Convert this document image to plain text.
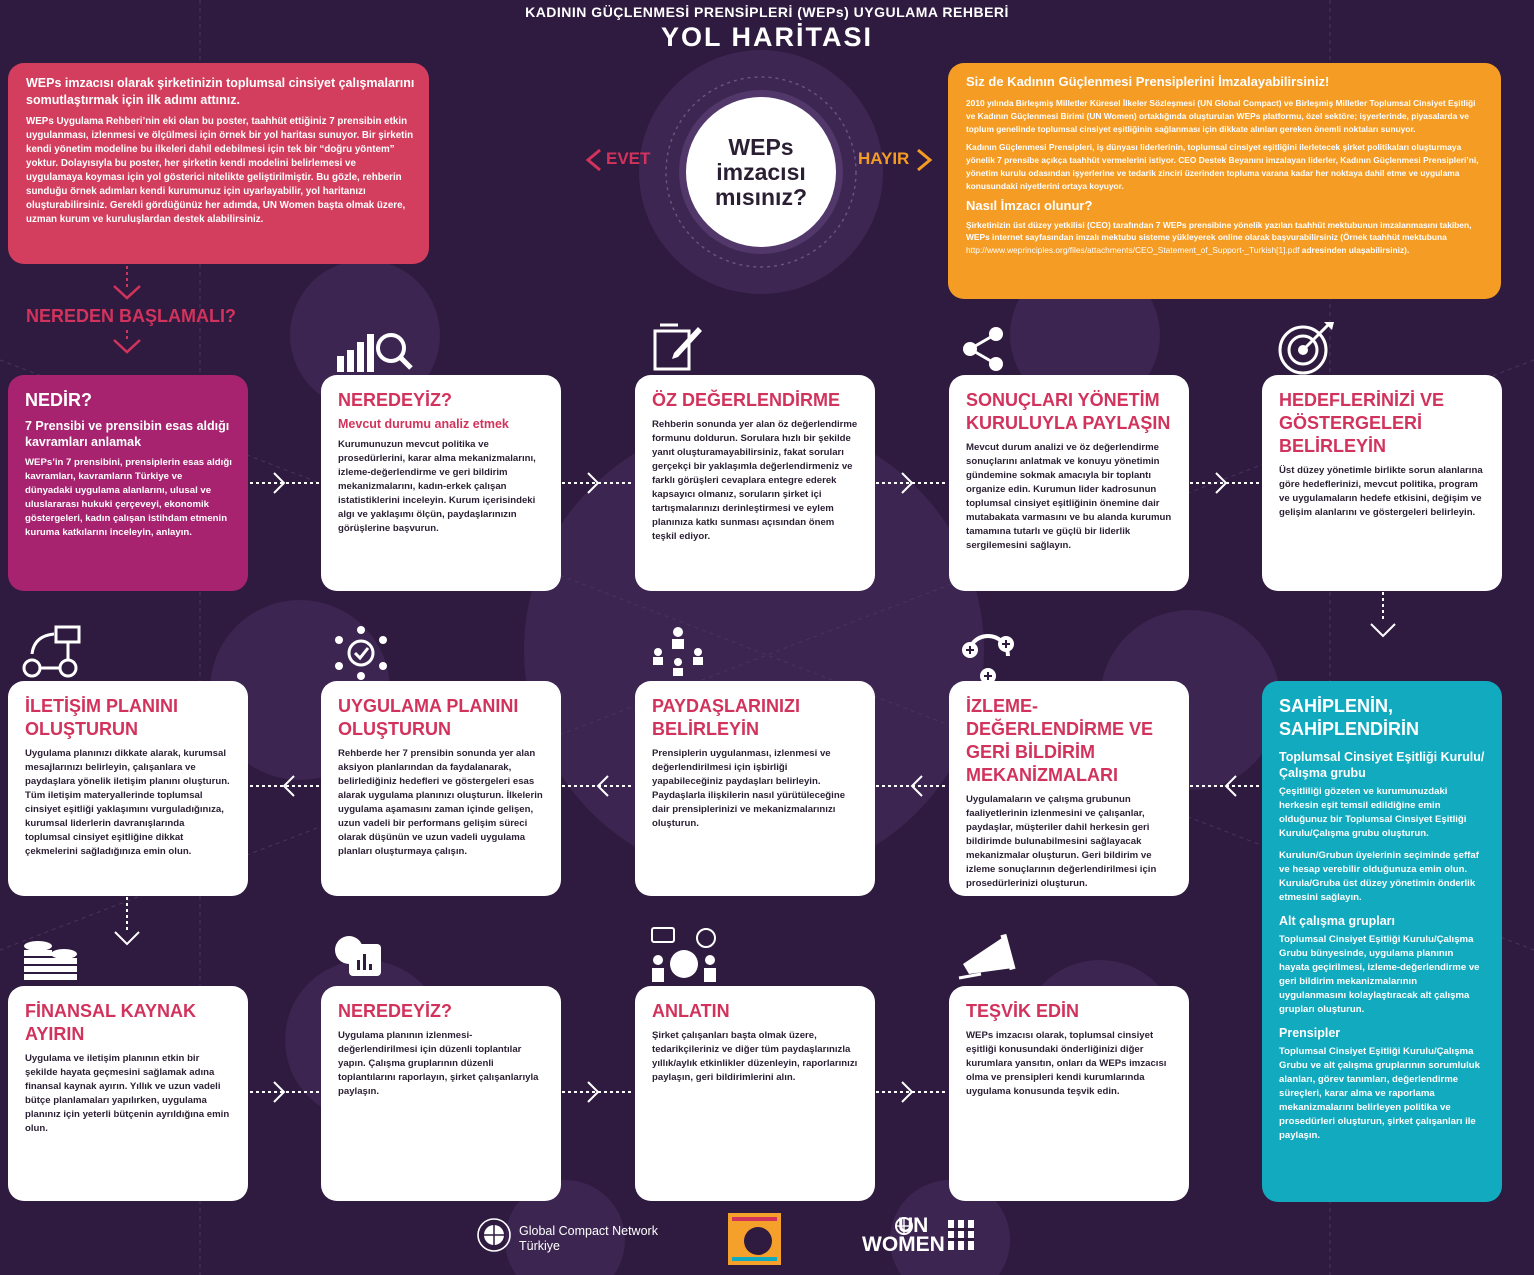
KADININ GÜÇLENMESİ PRENSİPLERİ (WEPs) UYGULAMA REHBERİ
YOL HARİTASI

WEPs imzacısı olarak şirketinizin toplumsal cinsiyet çalışmalarını somutlaştırmak için ilk adımı attınız.

WEPs Uygulama Rehberi’nin eki olan bu poster, taahhüt ettiğiniz 7 prensibin etkin uygulanması, izlenmesi ve ölçülmesi için örnek bir yol haritası sunuyor. Bir şirketin kendi yönetim modeline bu ilkeleri dahil edebilmesi için tek bir “doğru yöntem” yoktur. Dolayısıyla bu poster, her şirketin kendi modelini belirlemesi ve uygulamaya koyması için yol gösterici nitelikte geliştirilmiştir. Bu gözle, rehberin sunduğu örnek adımları kendi kurumunuz için uyarlayabilir, yol haritanızı oluşturabilirsiniz. Gerekli gördüğünüz her adımda, UN Women başta olmak üzere, uzman kurum ve kuruluşlardan destek alabilirsiniz.

Siz de Kadının Güçlenmesi Prensiplerini İmzalayabilirsiniz!

2010 yılında Birleşmiş Milletler Küresel İlkeler Sözleşmesi (UN Global Compact) ve Birleşmiş Milletler Toplumsal Cinsiyet Eşitliği ve Kadının Güçlenmesi Birimi (UN Women) ortaklığında oluşturulan WEPs platformu, özel sektöre; işyerlerinde, piyasalarda ve toplum genelinde toplumsal cinsiyet eşitliğinin sağlanması için dikkate alınları gereken önemli noktaları sunuyor.

Kadının Güçlenmesi Prensipleri, iş dünyası liderlerinin, toplumsal cinsiyet eşitliğini ilerletecek şirket politikaları oluşturmaya yönelik 7 prensibe açıkça taahhüt vermelerini istiyor. CEO Destek Beyanını imzalayan liderler, Kadının Güçlenmesi Prensipleri’ni, yönetim kurulu odasından işyerlerine ve tedarik zinciri üzerinden topluma varana kadar her noktaya dahil etme ve uygulama konusundaki niyetlerini ortaya koyuyor.

Nasıl İmzacı olunur?

Şirketinizin üst düzey yetkilisi (CEO) tarafından 7 WEPs prensibine yönelik yazılan taahhüt mektubunun imzalanmasını takiben, WEPs internet sayfasından imzalı mektubu sisteme yükleyerek online olarak başvurabilirsiniz (Örnek taahhüt mektubuna http://www.weprinciples.org/files/attachments/CEO_Statement_of_Support-_Turkish[1].pdf adresinden ulaşabilirsiniz).

WEPs imzacısı mısınız?
EVET	HAYIR
NEREDEN BAŞLAMALI?

NEDİR?

7 Prensibi ve prensibin esas aldığı kavramları anlamak

WEPs’in 7 prensibini, prensiplerin esas aldığı kavramları, kavramların Türkiye ve dünyadaki uygulama alanlarını, ulusal ve uluslararası hukuki çerçeveyi, ekonomik göstergeleri, kadın çalışan istihdam etmenin kuruma katkılarını inceleyin, anlayın.

NEREDEYİZ?

Mevcut durumu analiz etmek

Kurumunuzun mevcut politika ve prosedürlerini, karar alma mekanizmalarını, izleme-değerlendirme ve geri bildirim mekanizmalarını, kadın-erkek çalışan istatistiklerini inceleyin. Kurum içerisindeki algı ve yaklaşımı ölçün, paydaşlarınızın görüşlerine başvurun.

ÖZ DEĞERLENDİRME

Rehberin sonunda yer alan öz değerlendirme formunu doldurun. Sorulara hızlı bir şekilde yanıt oluşturamayabilirsiniz, fakat soruları gerçekçi bir yaklaşımla değerlendirmeniz ve farklı görüşleri cevaplara entegre ederek kapsayıcı olmanız, soruların şirket içi tartışmalarınızı derinleştirmesi ve eylem planınıza katkı sunması açısından önem teşkil ediyor.

SONUÇLARI YÖNETİM KURULUYLA PAYLAŞIN

Mevcut durum analizi ve öz değerlendirme sonuçlarını anlatmak ve konuyu yönetimin gündemine sokmak amacıyla bir toplantı organize edin. Kurumun lider kadrosunun toplumsal cinsiyet eşitliğinin önemine dair mutabakata varmasını ve bu alanda kurumun tamamına tutarlı ve güçlü bir liderlik sergilemesini sağlayın.

HEDEFLERİNİZİ VE GÖSTERGELERİ BELİRLEYİN

Üst düzey yönetimle birlikte sorun alanlarına göre hedeflerinizi, mevcut politika, program ve uygulamaların hedefe etkisini, değişim ve gelişim alanlarını ve göstergeleri belirleyin.

İLETİŞİM PLANINI OLUŞTURUN

Uygulama planınızı dikkate alarak, kurumsal mesajlarınızı belirleyin, çalışanlara ve paydaşlara yönelik iletişim planını oluşturun. Tüm iletişim materyallerinde toplumsal cinsiyet eşitliği yaklaşımını vurguladığınıza, kurumsal liderlerin davranışlarında toplumsal cinsiyet eşitliğine dikkat çekmelerini sağladığınıza emin olun.

UYGULAMA PLANINI OLUŞTURUN

Rehberde her 7 prensibin sonunda yer alan aksiyon planlarından da faydalanarak, belirlediğiniz hedefleri ve göstergeleri esas alarak uygulama planınızı oluşturun. İlkelerin uygulama aşamasını zaman içinde gelişen, uzun vadeli bir performans gelişim süreci olarak düşünün ve uzun vadeli uygulama planları oluşturmaya çalışın.

PAYDAŞLARINIZI BELİRLEYİN

Prensiplerin uygulanması, izlenmesi ve değerlendirilmesi için işbirliği yapabileceğiniz paydaşları belirleyin. Paydaşlarla ilişkilerin nasıl yürütüleceğine dair prensiplerinizi ve mekanizmalarınızı oluşturun.

İZLEME-DEĞERLENDİRME VE GERİ BİLDİRİM MEKANİZMALARI

Uygulamaların ve çalışma grubunun faaliyetlerinin izlenmesini ve çalışanlar, paydaşlar, müşteriler dahil herkesin geri bildirimde bulunabilmesini sağlayacak mekanizmalar oluşturun. Geri bildirim ve izleme sonuçlarının değerlendirilmesi için prosedürlerinizi oluşturun.

SAHİPLENİN, SAHİPLENDİRİN

Toplumsal Cinsiyet Eşitliği Kurulu/Çalışma grubu

Çeşitliliği gözeten ve kurumunuzdaki herkesin eşit temsil edildiğine emin olduğunuz bir Toplumsal Cinsiyet Eşitliği Kurulu/Çalışma grubu oluşturun.

Kurulun/Grubun üyelerinin seçiminde şeffaf ve hesap verebilir olduğunuza emin olun. Kurula/Gruba üst düzey yönetimin önderlik etmesini sağlayın.

Alt çalışma grupları

Toplumsal Cinsiyet Eşitliği Kurulu/Çalışma Grubu bünyesinde, uygulama planının hayata geçirilmesi, izleme-değerlendirme ve geri bildirim mekanizmalarının uygulanmasını kolaylaştıracak alt çalışma grupları oluşturun.

Prensipler

Toplumsal Cinsiyet Eşitliği Kurulu/Çalışma Grubu ve alt çalışma gruplarının sorumluluk alanları, görev tanımları, değerlendirme süreçleri, karar alma ve raporlama mekanizmalarını belirleyen politika ve prosedürleri oluşturun, şirket çalışanları ile paylaşın.

FİNANSAL KAYNAK AYIRIN

Uygulama ve iletişim planının etkin bir şekilde hayata geçmesini sağlamak adına finansal kaynak ayırın. Yıllık ve uzun vadeli bütçe planlamaları yapılırken, uygulama planınız için yeterli bütçenin ayrıldığına emin olun.

NEREDEYİZ?

Uygulama planının izlenmesi-değerlendirilmesi için düzenli toplantılar yapın. Çalışma gruplarının düzenli toplantılarını raporlayın, şirket çalışanlarıyla paylaşın.

ANLATIN

Şirket çalışanları başta olmak üzere, tedarikçileriniz ve diğer tüm paydaşlarınızla yıllık/aylık etkinlikler düzenleyin, raporlarınızı paylaşın, geri bildirimlerini alın.

TEŞVİK EDİN

WEPs imzacısı olarak, toplumsal cinsiyet eşitliği konusundaki önderliğinizi diğer kurumlara yansıtın, onları da WEPs imzacısı olma ve prensipleri kendi kurumlarında uygulama konusunda teşvik edin.

Global Compact Network
Türkiye
UN
WOMEN
